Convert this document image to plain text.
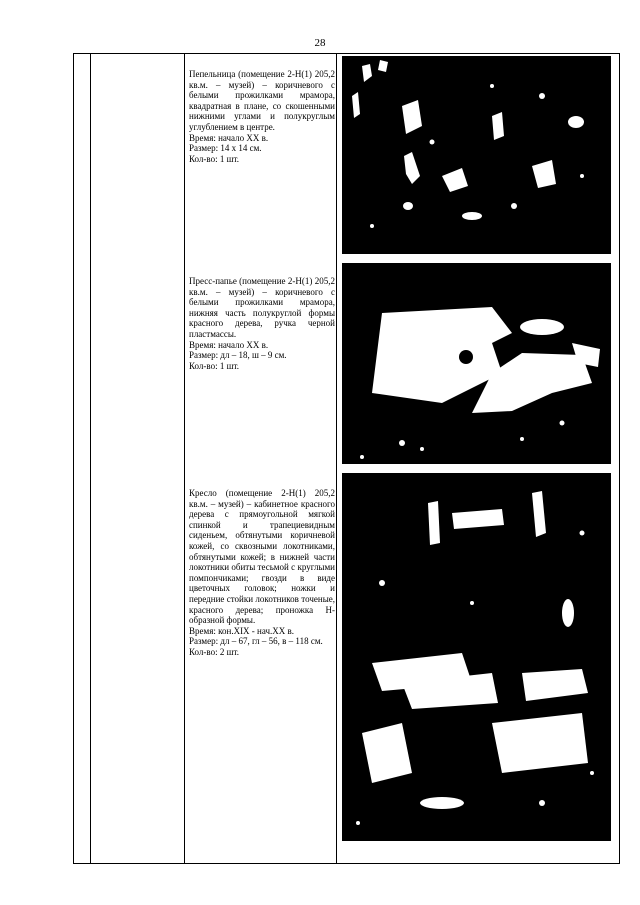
28

Пепельница (помещение 2-Н(1) 205,2 кв.м. – музей) – коричневого с белыми прожилками мрамора, квадратная в плане, со скошенными нижними углами и полукруглым углублением в центре.

Время: начало XX в.

Размер: 14 х 14 см.

Кол-во: 1 шт.

Пресс-папье (помещение 2-Н(1) 205,2 кв.м. – музей) – коричневого с белыми прожилками мрамора, нижняя часть полукруглой формы красного дерева, ручка черной пластмассы.

Время: начало XX в.

Размер: дл – 18, ш – 9 см.

Кол-во: 1 шт.

Кресло (помещение 2-Н(1) 205,2 кв.м. – музей) – кабинетное красного дерева с прямоугольной мягкой спинкой и трапециевидным сиденьем, обтянутыми коричневой кожей, со сквозными локотниками, обтянутыми кожей; в нижней части локотники обиты тесьмой с круглыми помпончиками; гвозди в виде цветочных головок; ножки и передние стойки локотников точеные, красного дерева; проножка Н-образной формы.

Время: кон.XIX - нач.XX в.

Размер: дл – 67, гл – 56, в – 118 см.

Кол-во: 2 шт.
